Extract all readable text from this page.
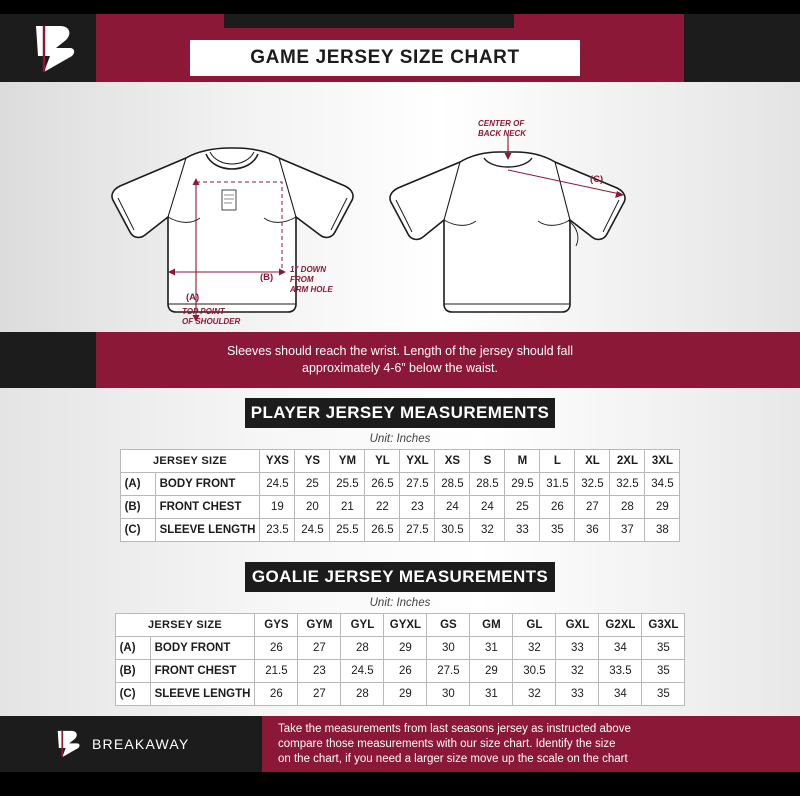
GAME JERSEY SIZE CHART
(A)
(B)
TOP POINT
OF SHOULDER
1” DOWN
FROM
ARM HOLE
CENTER OF
BACK NECK
(C)
Sleeves should reach the wrist. Length of the jersey should fall
approximately 4-6” below the waist.
PLAYER JERSEY MEASUREMENTS
Unit: Inches
JERSEY SIZE		YXS	YS	YM	YL	YXL	XS	S	M	L	XL	2XL	3XL
(A)	BODY FRONT	24.5	25	25.5	26.5	27.5	28.5	28.5	29.5	31.5	32.5	32.5	34.5
(B)	FRONT CHEST	19	20	21	22	23	24	24	25	26	27	28	29
(C)	SLEEVE LENGTH	23.5	24.5	25.5	26.5	27.5	30.5	32	33	35	36	37	38
GOALIE JERSEY MEASUREMENTS
Unit: Inches
JERSEY SIZE		GYS	GYM	GYL	GYXL	GS	GM	GL	GXL	G2XL	G3XL
(A)	BODY FRONT	26	27	28	29	30	31	32	33	34	35
(B)	FRONT CHEST	21.5	23	24.5	26	27.5	29	30.5	32	33.5	35
(C)	SLEEVE LENGTH	26	27	28	29	30	31	32	33	34	35
BREAKAWAY
Take the measurements from last seasons jersey as instructed above
compare those measurements with our size chart. Identify the size
on the chart, if you need a larger size move up the scale on the chart
